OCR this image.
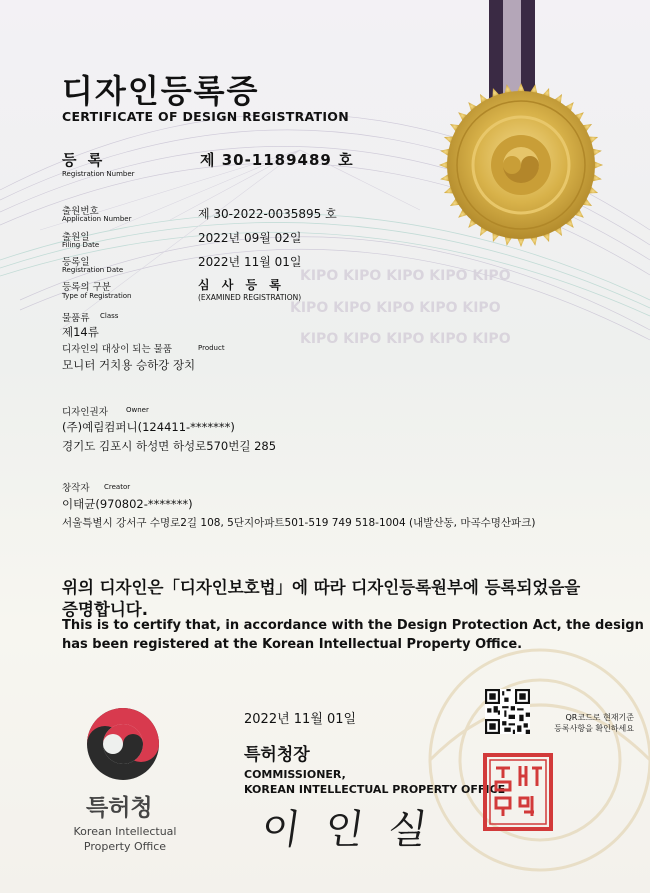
KIPO KIPO KIPO KIPO KIPO
KIPO KIPO KIPO KIPO KIPO
KIPO KIPO KIPO KIPO KIPO
디자인등록증
CERTIFICATE OF DESIGN REGISTRATION
등 록
Registration Number
제 30-1189489 호
출원번호
Application Number	제 30-2022-0035895 호
출원일
Filing Date	2022년 09월 02일
등록일
Registration Date
2022년 11월 01일
등록의 구분
Type of Registration
심 사 등 록
(EXAMINED REGISTRATION)
물품류 Class
제14류
디자인의 대상이 되는 물품	Product
모니터 거치용 승하강 장치
디자인권자	Owner
(주)예림컴퍼니(124411-*******)
경기도 김포시 하성면 하성로570번길 285
창작자 Creator
이태균(970802-*******)
서울특별시 강서구 수명로2길 108, 5단지아파트501-519 749 518-1004 (내발산동, 마곡수명산파크)
위의 디자인은「디자인보호법」에 따라 디자인등록원부에 등록되었음을
증명합니다.
This is to certify that, in accordance with the Design Protection Act, the design
has been registered at the Korean Intellectual Property Office.
QR코드로 현재기준
등록사항을 확인하세요
2022년 11월 01일
특허청장
COMMISSIONER,
KOREAN INTELLECTUAL PROPERTY OFFICE
이 인 실
특허청
Korean Intellectual
Property Office
